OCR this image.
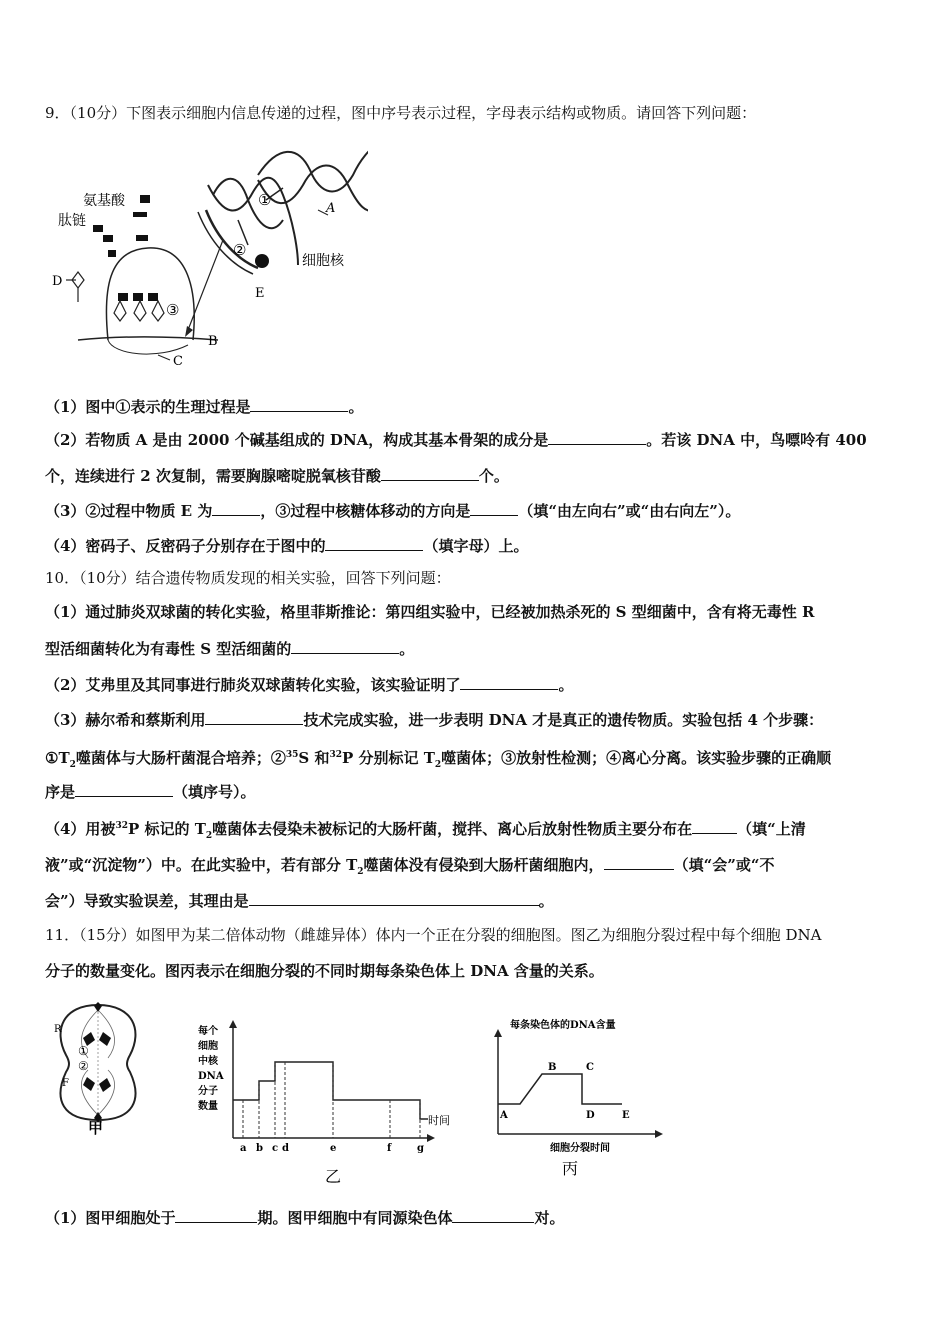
9．（10分）下图表示细胞内信息传递的过程，图中序号表示过程，字母表示结构或物质。请回答下列问题：
E
①
②
A
细胞核
B
C
③
氨基酸
肽链
D
（1）图中①表示的生理过程是	。
（2）若物质 A 是由 2000 个碱基组成的 DNA，构成其基本骨架的成分是	。若该 DNA 中，鸟嘌呤有 400
个，连续进行 2 次复制，需要胸腺嘧啶脱氧核苷酸	个。
（3）②过程中物质 E 为	，③过程中核糖体移动的方向是	（填“由左向右”或“由右向左”）。
（4）密码子、反密码子分别存在于图中的	（填字母）上。
10．（10分）结合遗传物质发现的相关实验，回答下列问题：
（1）通过肺炎双球菌的转化实验，格里菲斯推论：第四组实验中，已经被加热杀死的 S 型细菌中，含有将无毒性 R
型活细菌转化为有毒性 S 型活细菌的	。
（2）艾弗里及其同事进行肺炎双球菌转化实验，该实验证明了	。
（3）赫尔希和蔡斯利用	技术完成实验，进一步表明 DNA 才是真正的遗传物质。实验包括 4 个步骤：
$①T_2$噬菌体与大肠杆菌混合培养；②$^{35}$S 和$^{32}$P 分别标记 $T_2$噬菌体；③放射性检测；④离心分离。该实验步骤的正确顺
序是	（填序号）。
（4）用被$^{32}$P 标记的 $T_2$噬菌体去侵染未被标记的大肠杆菌，搅拌、离心后放射性物质主要分布在	（填“上清
液”或“沉淀物”）中。在此实验中，若有部分 $T_2$噬菌体没有侵染到大肠杆菌细胞内，	（填“会”或“不
会”）导致实验误差，其理由是	。
11．（15分）如图甲为某二倍体动物（雌雄异体）体内一个正在分裂的细胞图。图乙为细胞分裂过程中每个细胞 DNA
分子的数量变化。图丙表示在细胞分裂的不同时期每条染色体上 DNA 含量的关系。
R
①
②
F
甲
每个
细胞
中核
DNA
分子
数量
时间
a b c d	e	f	g
乙
每条染色体的DNA含量
细胞分裂时间
A
B	C
D	E
丙
（1）图甲细胞处于	期。图甲细胞中有同源染色体	对。
